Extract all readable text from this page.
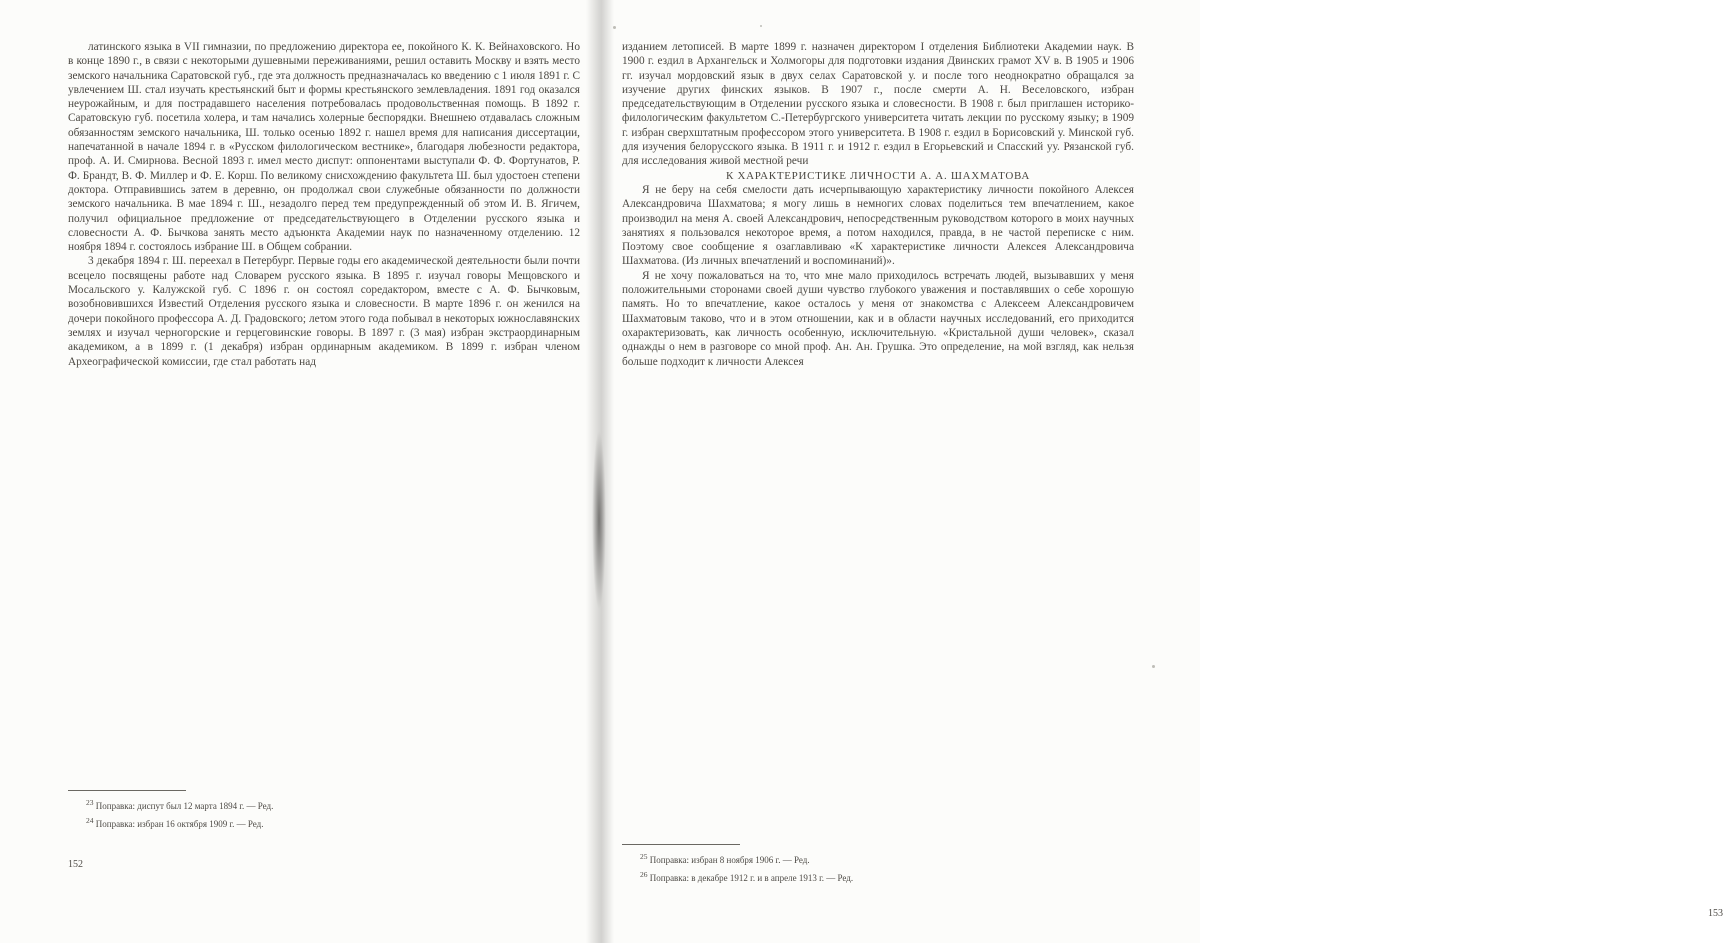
латинского языка в VII гимназии, по предложению директора ее, покойного К. К. Вейнаховского. Но в конце 1890 г., в связи с некоторыми душевными переживаниями, решил оставить Москву и взять место земского начальника Саратовской губ., где эта должность предназначалась ко введению с 1 июля 1891 г. С увлечением Ш. стал изучать крестьянский быт и формы крестьянского землевладения. 1891 год оказался неурожайным, и для пострадавшего населения потребовалась продовольственная помощь. В 1892 г. Саратовскую губ. посетила холера, и там начались холерные беспорядки. Внешнею отдавалась сложным обязанностям земского начальника, Ш. только осенью 1892 г. нашел время для написания диссертации, напечатанной в начале 1894 г. в «Русском филологическом вестнике», благодаря любезности редактора, проф. А. И. Смирнова. Весной 1893 г. имел место диспут: оппонентами выступали Ф. Ф. Фортунатов, Р. Ф. Брандт, В. Ф. Миллер и Ф. Е. Корш. По великому снисхождению факультета Ш. был удостоен степени доктора. Отправившись затем в деревню, он продолжал свои служебные обязанности по должности земского начальника. В мае 1894 г. Ш., незадолго перед тем предупрежденный об этом И. В. Ягичем, получил официальное предложение от председательствующего в Отделении русского языка и словесности А. Ф. Бычкова занять место адъюнкта Академии наук по назначенному отделению. 12 ноября 1894 г. состоялось избрание Ш. в Общем собрании.

3 декабря 1894 г. Ш. переехал в Петербург. Первые годы его академической деятельности были почти всецело посвящены работе над Словарем русского языка. В 1895 г. изучал говоры Мещовского и Мосальского у. Калужской губ. С 1896 г. он состоял соредактором, вместе с А. Ф. Бычковым, возобновившихся Известий Отделения русского языка и словесности. В марте 1896 г. он женился на дочери покойного профессора А. Д. Градовского; летом этого года побывал в некоторых южнославянских землях и изучал черногорские и герцеговинские говоры. В 1897 г. (3 мая) избран экстраординарным академиком, а в 1899 г. (1 декабря) избран ординарным академиком. В 1899 г. избран членом Археографической комиссии, где стал работать над

$^{23}$ Поправка: диспут был 12 марта 1894 г. — Ред.

$^{24}$ Поправка: избран 16 октября 1909 г. — Ред.

152

изданием летописей. В марте 1899 г. назначен директором I отделения Библиотеки Академии наук. В 1900 г. ездил в Архангельск и Холмогоры для подготовки издания Двинских грамот XV в. В 1905 и 1906 гг. изучал мордовский язык в двух селах Саратовской у. и после того неоднократно обращался за изучение других финских языков. В 1907 г., после смерти А. Н. Веселовского, избран председательствующим в Отделении русского языка и словесности. В 1908 г. был приглашен историко-филологическим факультетом С.-Петербургского университета читать лекции по русскому языку; в 1909 г. избран сверхштатным профессором этого университета. В 1908 г. ездил в Борисовский у. Минской губ. для изучения белорусского языка. В 1911 г. и 1912 г. ездил в Егорьевский и Спасский уу. Рязанской губ. для исследования живой местной речи

К ХАРАКТЕРИСТИКЕ ЛИЧНОСТИ А. А. ШАХМАТОВА

Я не беру на себя смелости дать исчерпывающую характеристику личности покойного Алексея Александровича Шахматова; я могу лишь в немногих словах поделиться тем впечатлением, какое производил на меня А. своей Александрович, непосредственным руководством которого в моих научных занятиях я пользовался некоторое время, а потом находился, правда, в не частой переписке с ним. Поэтому свое сообщение я озаглавливаю «К характеристике личности Алексея Александровича Шахматова. (Из личных впечатлений и воспоминаний)».

Я не хочу пожаловаться на то, что мне мало приходилось встречать людей, вызывавших у меня положительными сторонами своей души чувство глубокого уважения и поставлявших о себе хорошую память. Но то впечатление, какое осталось у меня от знакомства с Алексеем Александровичем Шахматовым таково, что и в этом отношении, как и в области научных исследований, его приходится охарактеризовать, как личность особенную, исключительную. «Кристальной души человек», сказал однажды о нем в разговоре со мной проф. Ан. Ан. Грушка. Это определение, на мой взгляд, как нельзя больше подходит к личности Алексея

$^{25}$ Поправка: избран 8 ноября 1906 г. — Ред.

$^{26}$ Поправка: в декабре 1912 г. и в апреле 1913 г. — Ред.

153
